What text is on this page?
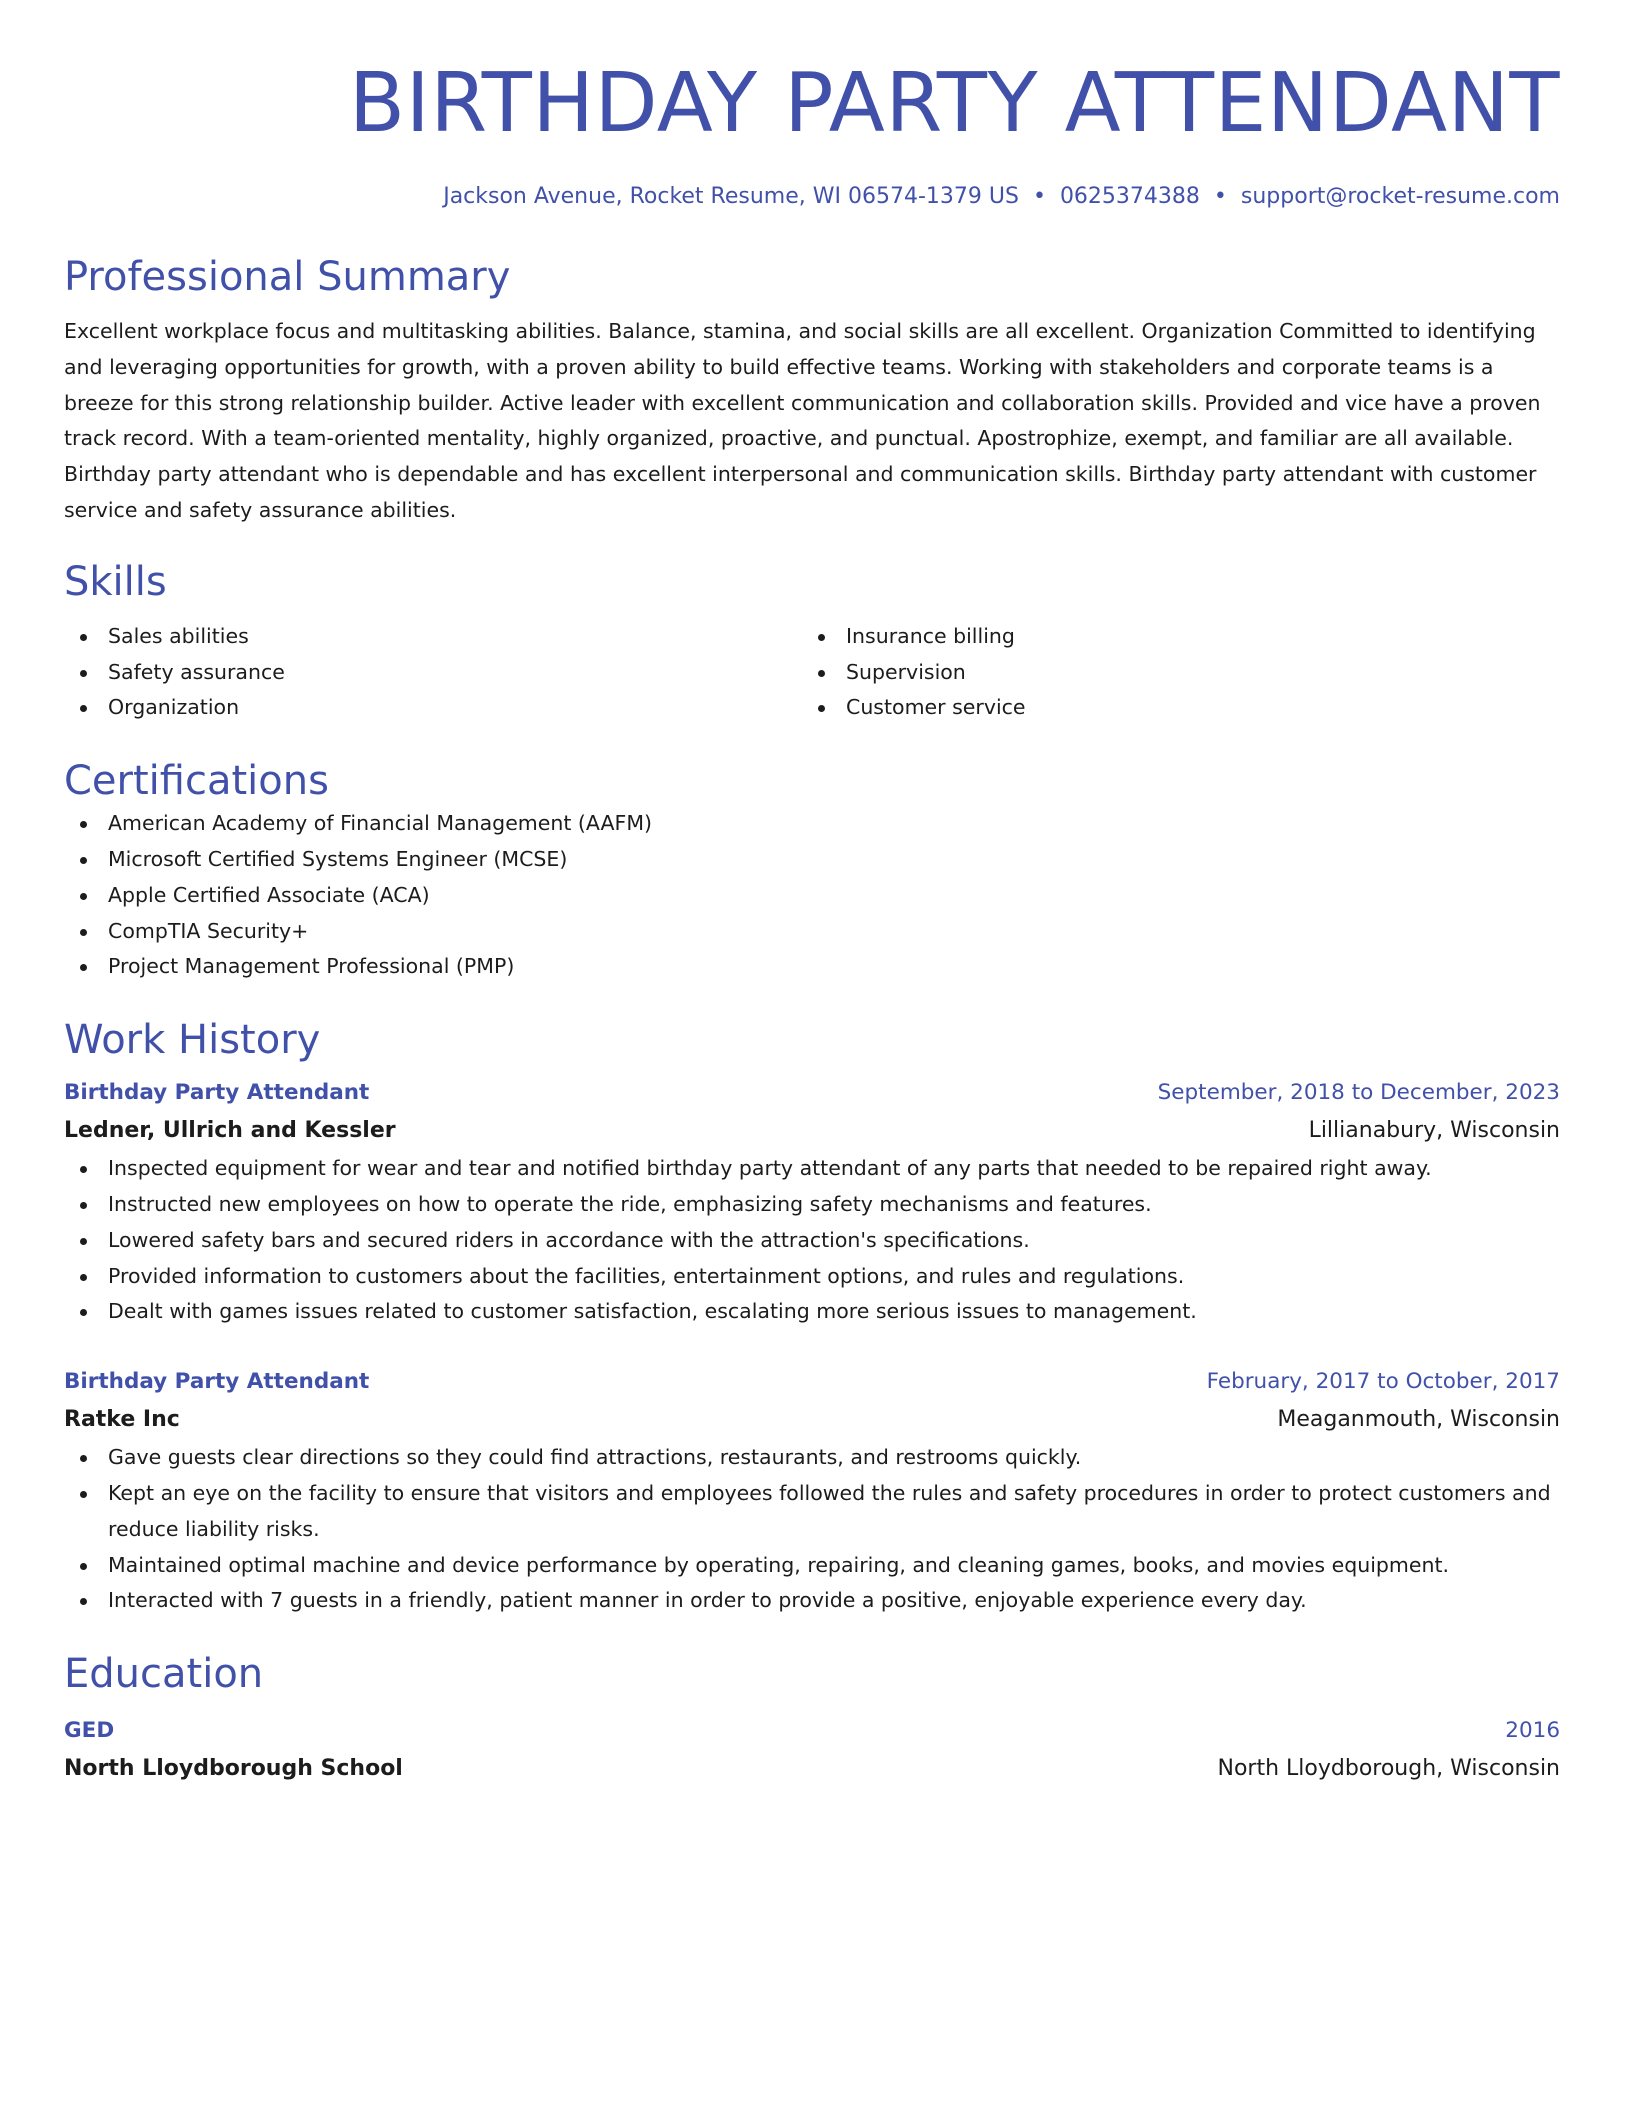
BIRTHDAY PARTY ATTENDANT
Jackson Avenue, Rocket Resume, WI 06574-1379 US • 0625374388 • support@rocket-resume.com
Professional Summary
Excellent workplace focus and multitasking abilities. Balance, stamina, and social skills are all excellent. Organization Committed to identifying and leveraging opportunities for growth, with a proven ability to build effective teams. Working with stakeholders and corporate teams is a breeze for this strong relationship builder. Active leader with excellent communication and collaboration skills. Provided and vice have a proven track record. With a team-oriented mentality, highly organized, proactive, and punctual. Apostrophize, exempt, and familiar are all available. Birthday party attendant who is dependable and has excellent interpersonal and communication skills. Birthday party attendant with customer service and safety assurance abilities.
Skills
Sales abilities
Safety assurance
Organization
Insurance billing
Supervision
Customer service
Certifications
American Academy of Financial Management (AAFM)
Microsoft Certified Systems Engineer (MCSE)
Apple Certified Associate (ACA)
CompTIA Security+
Project Management Professional (PMP)
Work History
Birthday Party Attendant	September, 2018 to December, 2023
Ledner, Ullrich and Kessler	Lillianabury, Wisconsin
Inspected equipment for wear and tear and notified birthday party attendant of any parts that needed to be repaired right away.
Instructed new employees on how to operate the ride, emphasizing safety mechanisms and features.
Lowered safety bars and secured riders in accordance with the attraction's specifications.
Provided information to customers about the facilities, entertainment options, and rules and regulations.
Dealt with games issues related to customer satisfaction, escalating more serious issues to management.
Birthday Party Attendant	February, 2017 to October, 2017
Ratke Inc	Meaganmouth, Wisconsin
Gave guests clear directions so they could find attractions, restaurants, and restrooms quickly.
Kept an eye on the facility to ensure that visitors and employees followed the rules and safety procedures in order to protect customers and reduce liability risks.
Maintained optimal machine and device performance by operating, repairing, and cleaning games, books, and movies equipment.
Interacted with 7 guests in a friendly, patient manner in order to provide a positive, enjoyable experience every day.
Education
GED	2016
North Lloydborough School	North Lloydborough, Wisconsin
